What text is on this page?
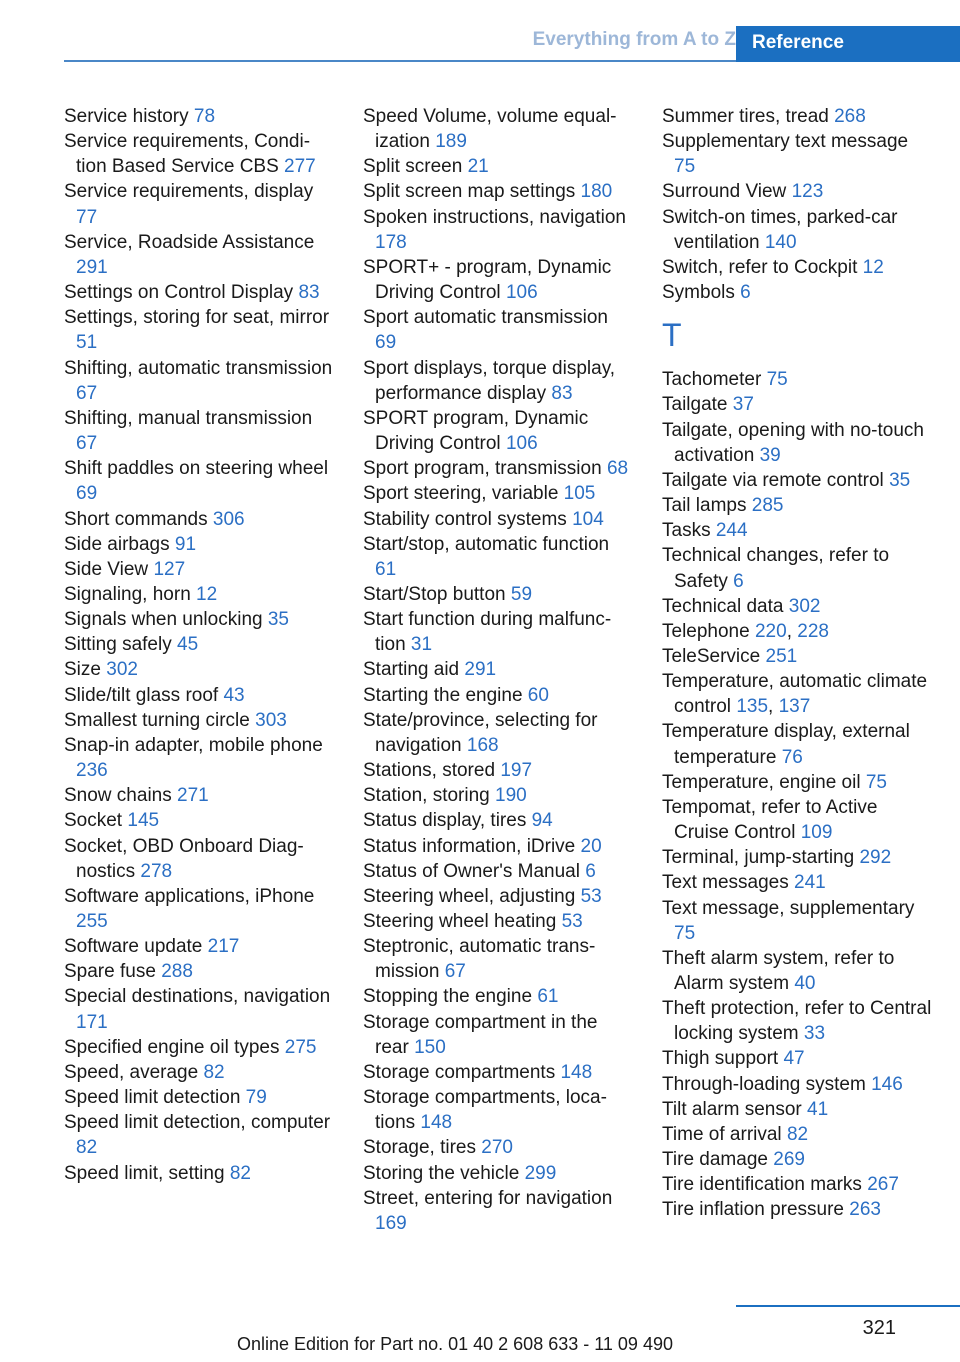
Everything from A to Z Reference
Service history 78
Service requirements, Condition Based Service CBS 277
Service requirements, display 77
Service, Roadside Assistance 291
Settings on Control Display 83
Settings, storing for seat, mirror 51
Shifting, automatic transmission 67
Shifting, manual transmission 67
Shift paddles on steering wheel 69
Short commands 306
Side airbags 91
Side View 127
Signaling, horn 12
Signals when unlocking 35
Sitting safely 45
Size 302
Slide/tilt glass roof 43
Smallest turning circle 303
Snap-in adapter, mobile phone 236
Snow chains 271
Socket 145
Socket, OBD Onboard Diagnostics 278
Software applications, iPhone 255
Software update 217
Spare fuse 288
Special destinations, navigation 171
Specified engine oil types 275
Speed, average 82
Speed limit detection 79
Speed limit detection, computer 82
Speed limit, setting 82
Speed Volume, volume equalization 189
Split screen 21
Split screen map settings 180
Spoken instructions, navigation 178
SPORT+ - program, Dynamic Driving Control 106
Sport automatic transmission 69
Sport displays, torque display, performance display 83
SPORT program, Dynamic Driving Control 106
Sport program, transmission 68
Sport steering, variable 105
Stability control systems 104
Start/stop, automatic function 61
Start/Stop button 59
Start function during malfunction 31
Starting aid 291
Starting the engine 60
State/province, selecting for navigation 168
Stations, stored 197
Station, storing 190
Status display, tires 94
Status information, iDrive 20
Status of Owner's Manual 6
Steering wheel, adjusting 53
Steering wheel heating 53
Steptronic, automatic transmission 67
Stopping the engine 61
Storage compartment in the rear 150
Storage compartments 148
Storage compartments, locations 148
Storage, tires 270
Storing the vehicle 299
Street, entering for navigation 169
Summer tires, tread 268
Supplementary text message 75
Surround View 123
Switch-on times, parked-car ventilation 140
Switch, refer to Cockpit 12
Symbols 6
T
Tachometer 75
Tailgate 37
Tailgate, opening with no-touch activation 39
Tailgate via remote control 35
Tail lamps 285
Tasks 244
Technical changes, refer to Safety 6
Technical data 302
Telephone 220, 228
TeleService 251
Temperature, automatic climate control 135, 137
Temperature display, external temperature 76
Temperature, engine oil 75
Tempomat, refer to Active Cruise Control 109
Terminal, jump-starting 292
Text messages 241
Text message, supplementary 75
Theft alarm system, refer to Alarm system 40
Theft protection, refer to Central locking system 33
Thigh support 47
Through-loading system 146
Tilt alarm sensor 41
Time of arrival 82
Tire damage 269
Tire identification marks 267
Tire inflation pressure 263
321
Online Edition for Part no. 01 40 2 608 633 - 11 09 490
